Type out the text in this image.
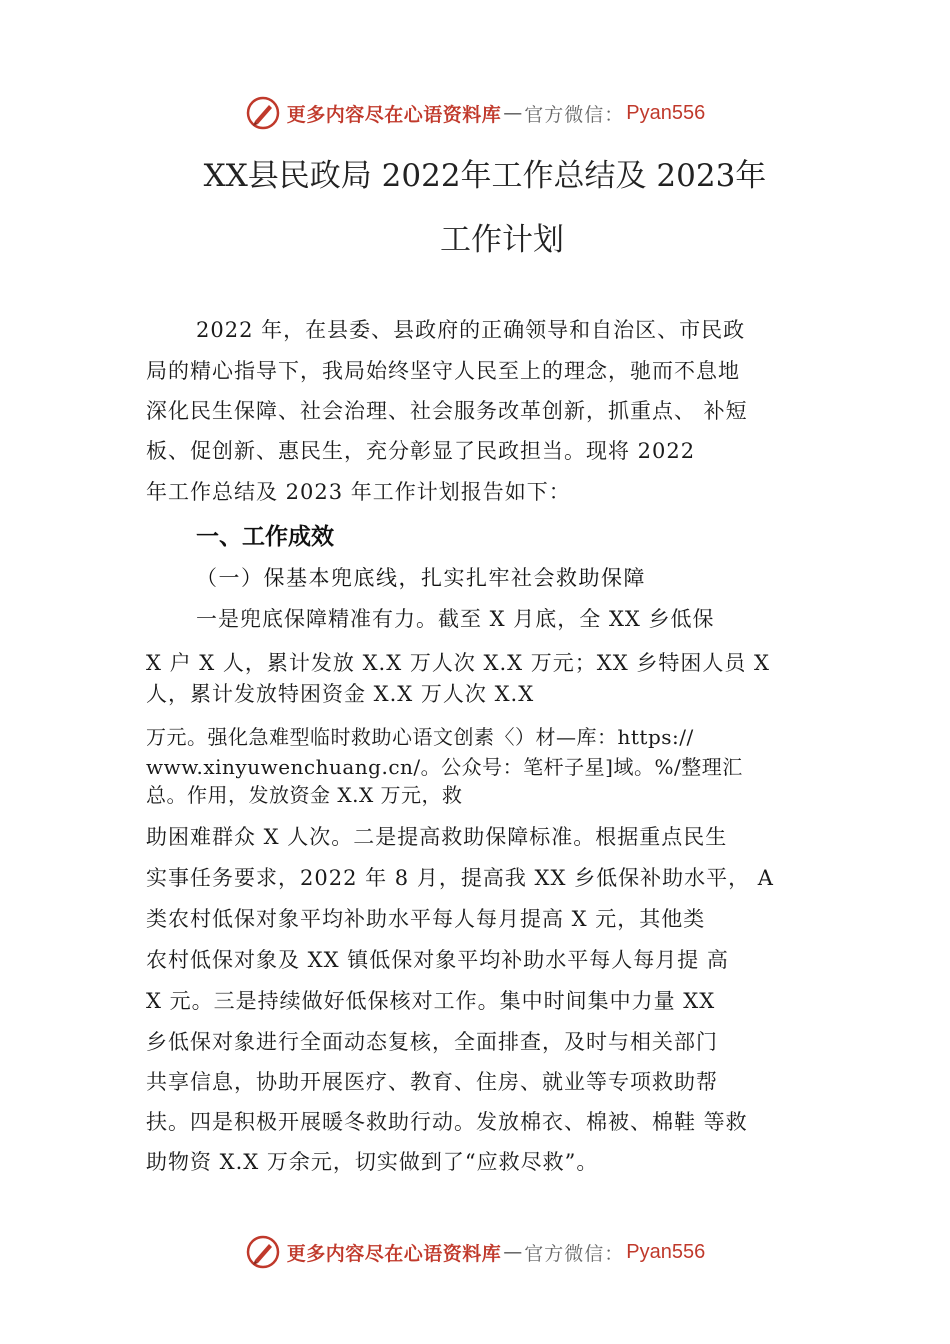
更多内容尽在心语资料库 — 官方微信： Pyan556
XX县民政局 2022年工作总结及 2023年
工作计划
2022 年，在县委、县政府的正确领导和自治区、市民政
局的精心指导下，我局始终坚守人民至上的理念，驰而不息地
深化民生保障、社会治理、社会服务改革创新，抓重点、 补短
板、促创新、惠民生，充分彰显了民政担当。现将 2022
年工作总结及 2023 年工作计划报告如下：
一、工作成效
（一）保基本兜底线，扎实扎牢社会救助保障
一是兜底保障精准有力。截至 X 月底，全 XX 乡低保
X 户 X 人，累计发放 X.X 万人次 X.X 万元；XX 乡特困人员 X
人，累计发放特困资金 X.X 万人次 X.X
万元。强化急难型临时救助心语文创素〈）材—库：https://
www.xinyuwenchuang.cn/。公众号：笔杆子星]域。%/整理汇
总。作用，发放资金 X.X 万元，救
助困难群众 X 人次。二是提高救助保障标准。根据重点民生
实事任务要求，2022 年 8 月，提高我 XX 乡低保补助水平， A
类农村低保对象平均补助水平每人每月提高 X 元，其他类
农村低保对象及 XX 镇低保对象平均补助水平每人每月提 高
X 元。三是持续做好低保核对工作。集中时间集中力量 XX
乡低保对象进行全面动态复核，全面排查，及时与相关部门
共享信息，协助开展医疗、教育、住房、就业等专项救助帮
扶。四是积极开展暖冬救助行动。发放棉衣、棉被、棉鞋 等救
助物资 X.X 万余元，切实做到了“应救尽救”。
更多内容尽在心语资料库 — 官方微信： Pyan556
